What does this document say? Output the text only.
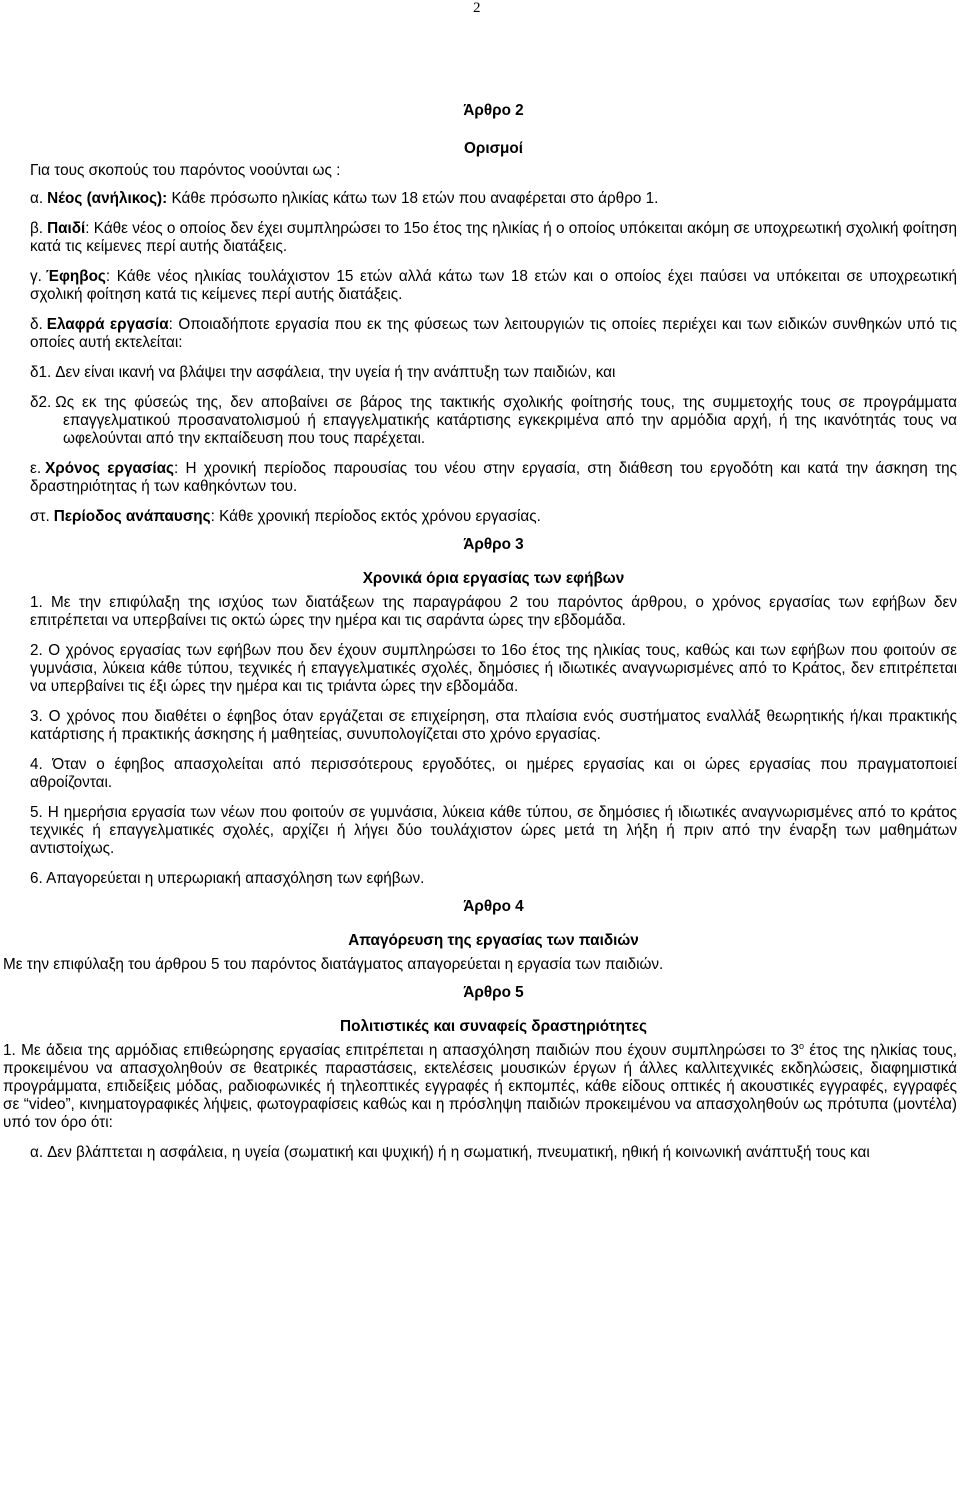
2

Άρθρο 2

Ορισμοί

Για τους σκοπούς του παρόντος νοούνται ως :

α. Νέος (ανήλικος): Κάθε πρόσωπο ηλικίας κάτω των 18 ετών που αναφέρεται στο άρθρο 1.

β. Παιδί: Κάθε νέος ο οποίος δεν έχει συμπληρώσει το 15ο έτος της ηλικίας ή ο οποίος υπόκειται ακόμη σε υποχρεωτική σχολική φοίτηση κατά τις κείμενες περί αυτής διατάξεις.

γ. Έφηβος: Κάθε νέος ηλικίας τουλάχιστον 15 ετών αλλά κάτω των 18 ετών και ο οποίος έχει παύσει να υπόκειται σε υποχρεωτική σχολική φοίτηση κατά τις κείμενες περί αυτής διατάξεις.

δ. Ελαφρά εργασία: Οποιαδήποτε εργασία που εκ της φύσεως των λειτουργιών τις οποίες περιέχει και των ειδικών συνθηκών υπό τις οποίες αυτή εκτελείται:

δ1. Δεν είναι ικανή να βλάψει την ασφάλεια, την υγεία ή την ανάπτυξη των παιδιών, και

δ2. Ως εκ της φύσεώς της, δεν αποβαίνει σε βάρος της τακτικής σχολικής φοίτησής τους, της συμμετοχής τους σε προγράμματα επαγγελματικού προσανατολισμού ή επαγγελματικής κατάρτισης εγκεκριμένα από την αρμόδια αρχή, ή της ικανότητάς τους να ωφελούνται από την εκπαίδευση που τους παρέχεται.

ε. Χρόνος εργασίας: Η χρονική περίοδος παρουσίας του νέου στην εργασία, στη διάθεση του εργοδότη και κατά την άσκηση της δραστηριότητας ή των καθηκόντων του.

στ. Περίοδος ανάπαυσης: Κάθε χρονική περίοδος εκτός χρόνου εργασίας.

Άρθρο 3

Χρονικά όρια εργασίας των εφήβων

1. Με την επιφύλαξη της ισχύος των διατάξεων της παραγράφου 2 του παρόντος άρθρου, ο χρόνος εργασίας των εφήβων δεν επιτρέπεται να υπερβαίνει τις οκτώ ώρες την ημέρα και τις σαράντα ώρες την εβδομάδα.

2. Ο χρόνος εργασίας των εφήβων που δεν έχουν συμπληρώσει το 16ο έτος της ηλικίας τους, καθώς και των εφήβων που φοιτούν σε γυμνάσια, λύκεια κάθε τύπου, τεχνικές ή επαγγελματικές σχολές, δημόσιες ή ιδιωτικές αναγνωρισμένες από το Κράτος, δεν επιτρέπεται να υπερβαίνει τις έξι ώρες την ημέρα και τις τριάντα ώρες την εβδομάδα.

3. Ο χρόνος που διαθέτει ο έφηβος όταν εργάζεται σε επιχείρηση, στα πλαίσια ενός συστήματος εναλλάξ θεωρητικής ή/και πρακτικής κατάρτισης ή πρακτικής άσκησης ή μαθητείας, συνυπολογίζεται στο χρόνο εργασίας.

4. Όταν ο έφηβος απασχολείται από περισσότερους εργοδότες, οι ημέρες εργασίας και οι ώρες εργασίας που πραγματοποιεί αθροίζονται.

5. Η ημερήσια εργασία των νέων που φοιτούν σε γυμνάσια, λύκεια κάθε τύπου, σε δημόσιες ή ιδιωτικές αναγνωρισμένες από το κράτος τεχνικές ή επαγγελματικές σχολές, αρχίζει ή λήγει δύο τουλάχιστον ώρες μετά τη λήξη ή πριν από την έναρξη των μαθημάτων αντιστοίχως.

6. Απαγορεύεται η υπερωριακή απασχόληση των εφήβων.

Άρθρο 4

Απαγόρευση της εργασίας των παιδιών

Με την επιφύλαξη του άρθρου 5 του παρόντος διατάγματος απαγορεύεται η εργασία των παιδιών.

Άρθρο 5

Πολιτιστικές και συναφείς δραστηριότητες

1. Με άδεια της αρμόδιας επιθεώρησης εργασίας επιτρέπεται η απασχόληση παιδιών που έχουν συμπληρώσει το $3^o$ έτος της ηλικίας τους, προκειμένου να απασχοληθούν σε θεατρικές παραστάσεις, εκτελέσεις μουσικών έργων ή άλλες καλλιτεχνικές εκδηλώσεις, διαφημιστικά προγράμματα, επιδείξεις μόδας, ραδιοφωνικές ή τηλεοπτικές εγγραφές ή εκπομπές, κάθε είδους οπτικές ή ακουστικές εγγραφές, εγγραφές σε “video”, κινηματογραφικές λήψεις, φωτογραφίσεις καθώς και η πρόσληψη παιδιών προκειμένου να απασχοληθούν ως πρότυπα (μοντέλα) υπό τον όρο ότι:

α. Δεν βλάπτεται η ασφάλεια, η υγεία (σωματική και ψυχική) ή η σωματική, πνευματική, ηθική ή κοινωνική ανάπτυξή τους και
